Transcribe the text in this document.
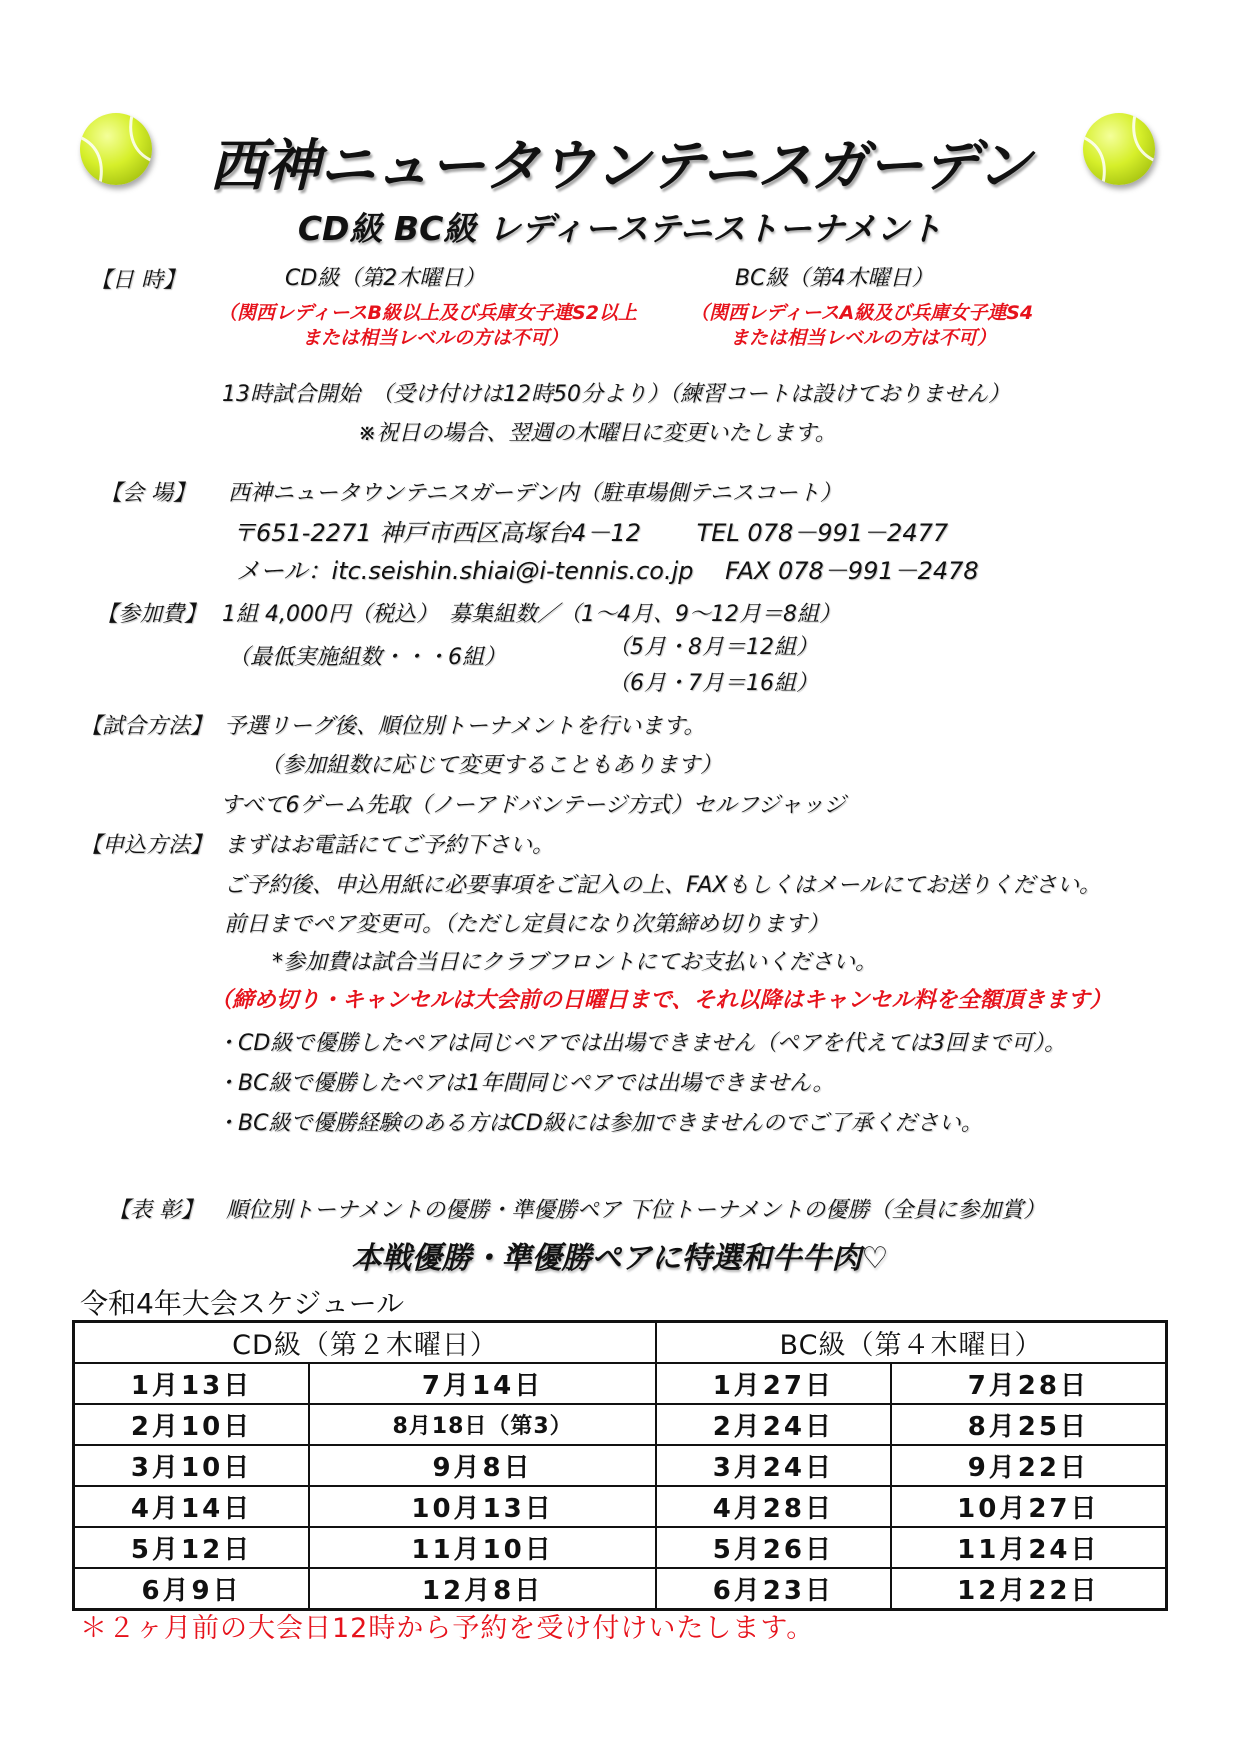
西神ニュータウンテニスガーデン
CD級 BC級 レディーステニストーナメント
【日 時】	CD級（第2木曜日）	BC級（第4木曜日）
（関西レディースB級以上及び兵庫女子連S2以上
または相当レベルの方は不可）
（関西レディースA級及び兵庫女子連S4
または相当レベルの方は不可）
13時試合開始　（受け付けは12時50分より）（練習コートは設けておりません）
※祝日の場合、翌週の木曜日に変更いたします。
【会 場】 西神ニュータウンテニスガーデン内（駐車場側テニスコート）
〒651-2271 神戸市西区高塚台4－12　　 TEL 078－991－2477
メール：itc.seishin.shiai@i-tennis.co.jp　 FAX 078－991－2478
【参加費】 1組 4,000円（税込）　募集組数／（1～4月、9～12月＝8組）
（最低実施組数・・・6組）	（5月・8月＝12組）
（6月・7月＝16組）
【試合方法】 予選リーグ後、順位別トーナメントを行います。
（参加組数に応じて変更することもあります）
すべて6ゲーム先取（ノーアドバンテージ方式）セルフジャッジ
【申込方法】 まずはお電話にてご予約下さい。
ご予約後、申込用紙に必要事項をご記入の上、FAXもしくはメールにてお送りください。
前日までペア変更可。（ただし定員になり次第締め切ります）
*参加費は試合当日にクラブフロントにてお支払いください。
（締め切り・キャンセルは大会前の日曜日まで、それ以降はキャンセル料を全額頂きます）
・CD級で優勝したペアは同じペアでは出場できません（ペアを代えては3回まで可）。
・BC級で優勝したペアは1年間同じペアでは出場できません。
・BC級で優勝経験のある方はCD級には参加できませんのでご了承ください。
【表 彰】 順位別トーナメントの優勝・準優勝ペア 下位トーナメントの優勝（全員に参加賞）
本戦優勝・準優勝ペアに特選和牛牛肉♡
令和4年大会スケジュール
CD級（第２木曜日）		BC級（第４木曜日）	
1月13日	7月14日	1月27日	7月28日
2月10日	8月18日（第3）	2月24日	8月25日
3月10日	9月8日	3月24日	9月22日
4月14日	10月13日	4月28日	10月27日
5月12日	11月10日	5月26日	11月24日
6月9日	12月8日	6月23日	12月22日
＊２ヶ月前の大会日12時から予約を受け付けいたします。
